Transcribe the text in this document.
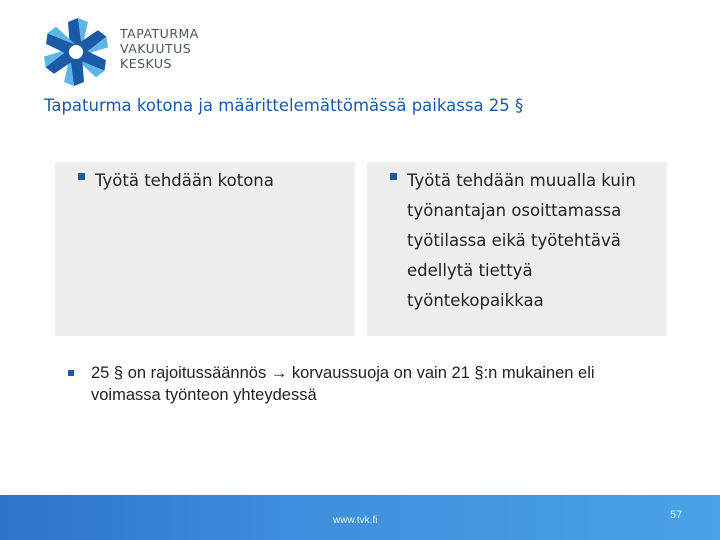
TAPATURMA
VAKUUTUS
KESKUS
Tapaturma kotona ja määrittelemättömässä paikassa 25 §
Työtä tehdään kotona	Työtä tehdään muualla kuin työnantajan osoittamassa työtilassa eikä työtehtävä edellytä tiettyä työntekopaikkaa
25 § on rajoitussäännös → korvaussuoja on vain 21 §:n mukainen eli voimassa työnteon yhteydessä
www.tvk.fi	57
